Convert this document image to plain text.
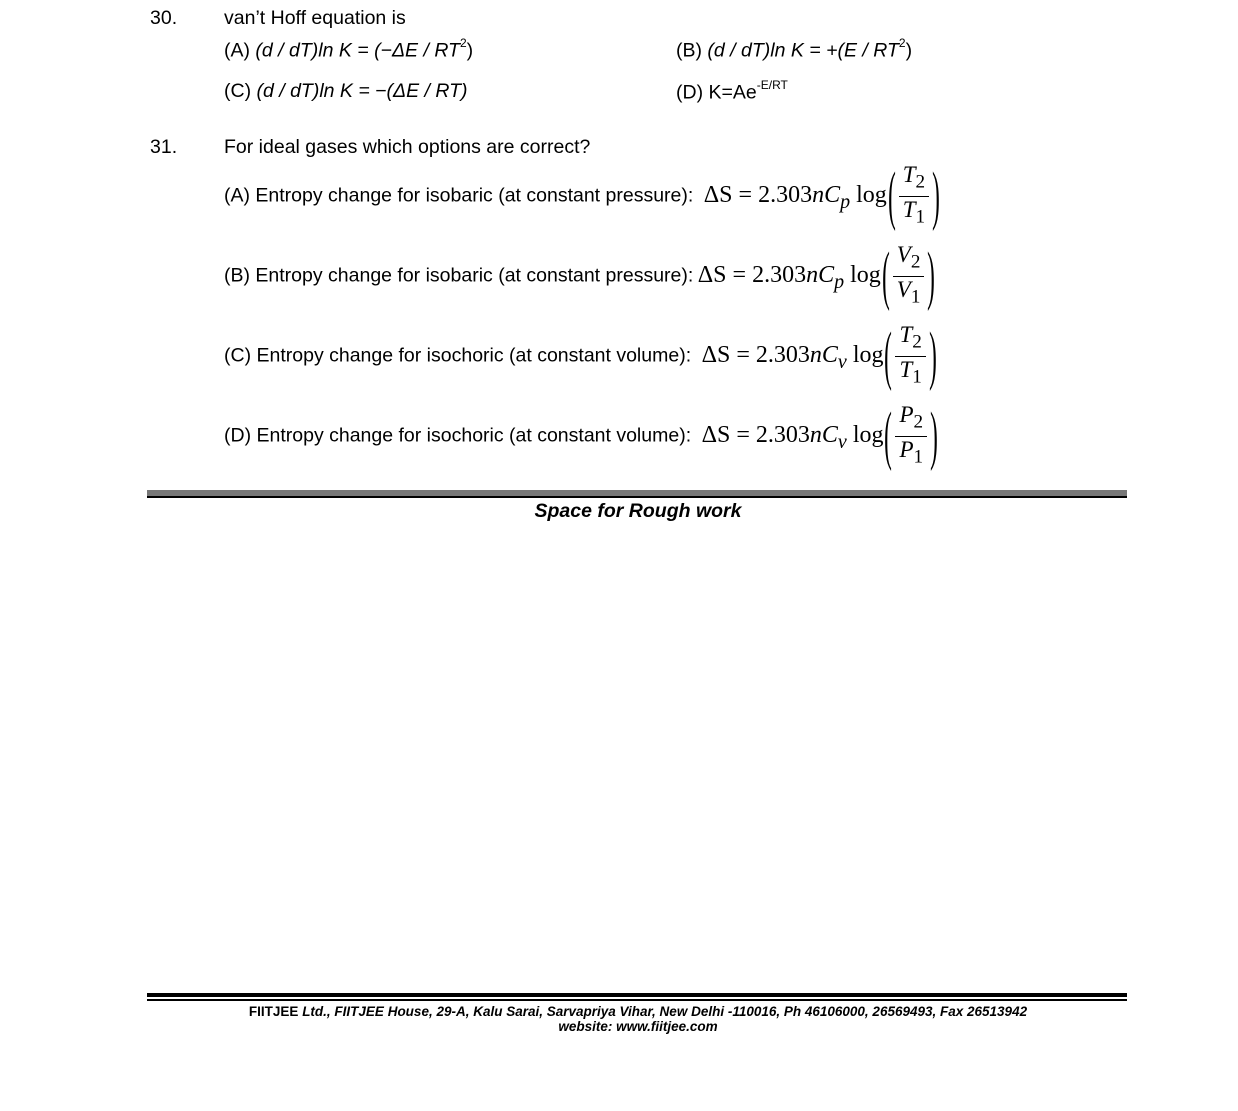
30. van’t Hoff equation is
(A) (d / dT)ln $K = (-\Delta E / RT^2)$	(B) (d / dT)ln $K = +(E / RT^2)$
(C) (d / dT)ln K = −(ΔE / RT)	(D) $K=Ae^{-E/RT}$
31. For ideal gases which options are correct?
(A) Entropy change for isobaric (at constant pressure): $\Delta S = 2.303nC_p$ $\log( \frac{T_2}{T_1}$ )
(B) Entropy change for isobaric (at constant pressure): $\Delta S = 2.303nC_p$ $\log( \frac{V_2}{V_1}$ )
(C) Entropy change for isochoric (at constant volume): $\Delta S = 2.303nC_v$ $\log( \frac{T_2}{T_1}$ )
(D) Entropy change for isochoric (at constant volume): $\Delta S = 2.303nC_v$ $\log( \frac{P_2}{P_1}$ )
Space for Rough work
FIITJEE Ltd., FIITJEE House, 29-A, Kalu Sarai, Sarvapriya Vihar, New Delhi -110016, Ph 46106000, 26569493, Fax 26513942
website: www.fiitjee.com
